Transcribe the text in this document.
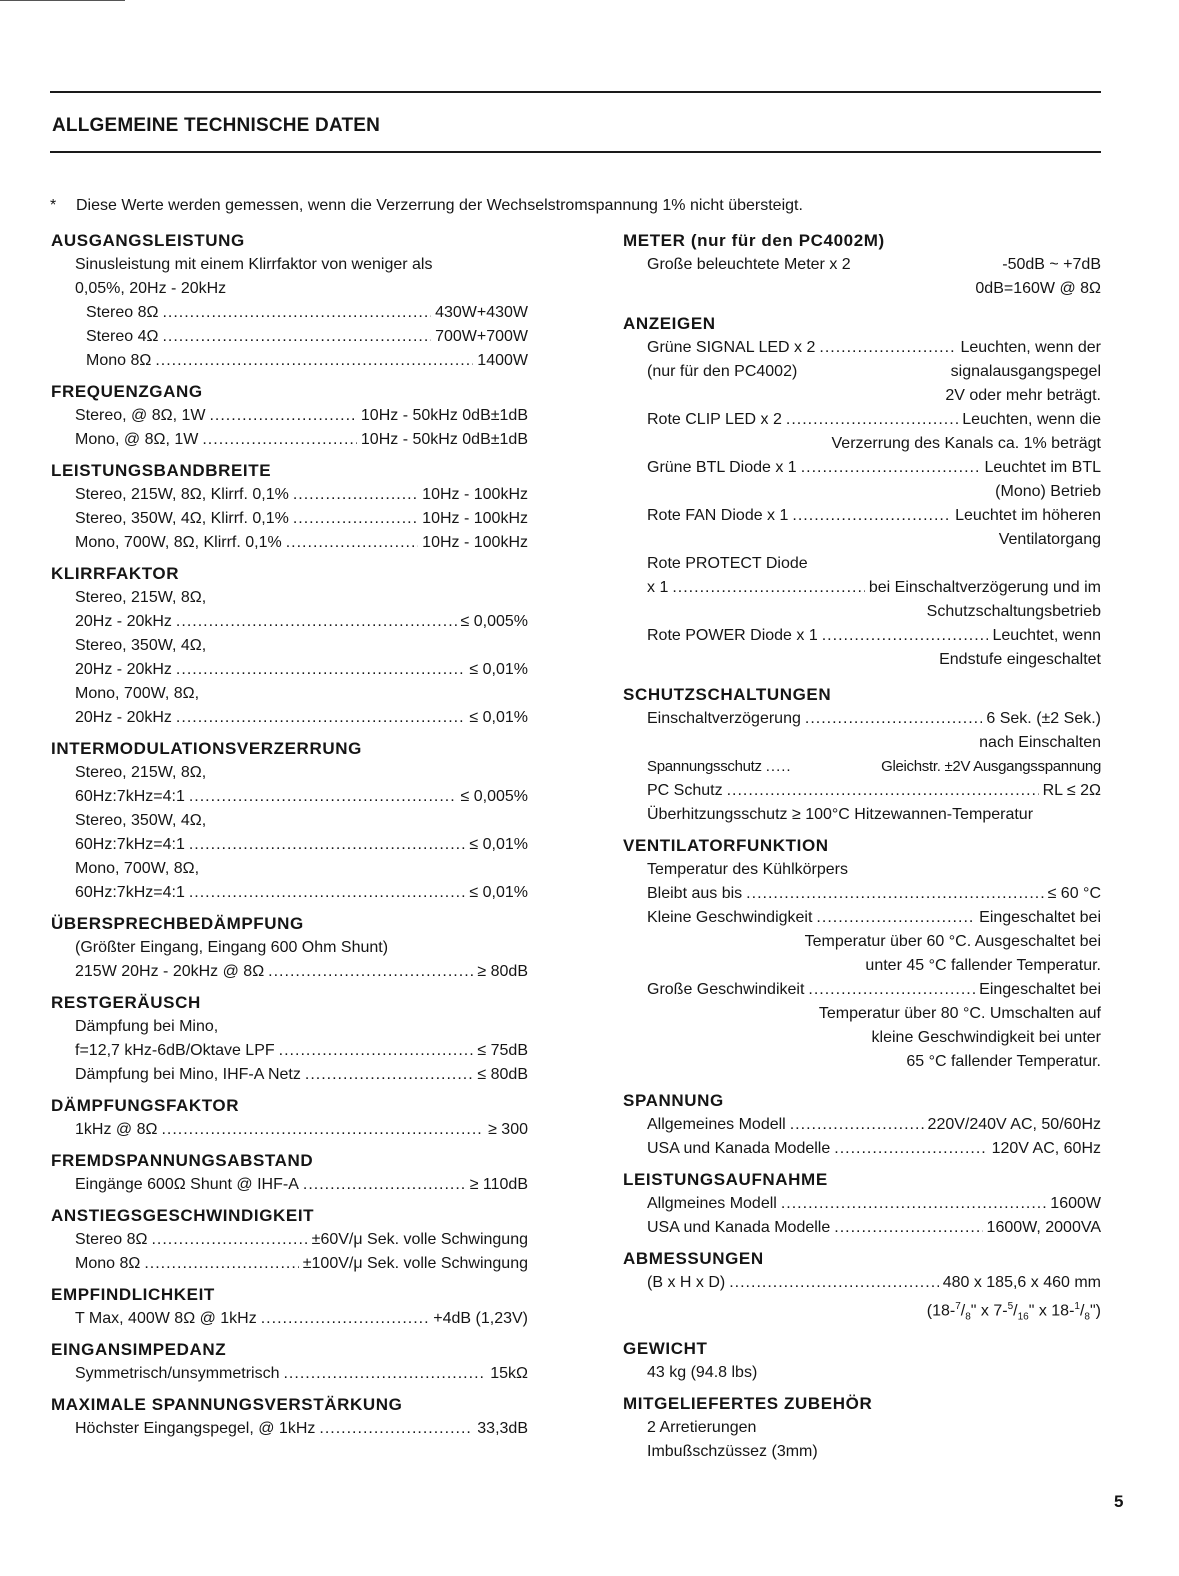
ALLGEMEINE TECHNISCHE DATEN
* Diese Werte werden gemessen, wenn die Verzerrung der Wechselstromspannung 1% nicht übersteigt.
AUSGANGSLEISTUNG
Sinusleistung mit einem Klirrfaktor von weniger als
0,05%, 20Hz - 20kHz
Stereo 8Ω .....	430W+430W
Stereo 4Ω .....	700W+700W
Mono 8Ω .....	1400W
FREQUENZGANG
Stereo, @ 8Ω, 1W .....	10Hz - 50kHz 0dB±1dB
Mono, @ 8Ω, 1W .....	10Hz - 50kHz 0dB±1dB
LEISTUNGSBANDBREITE
Stereo, 215W, 8Ω, Klirrf. 0,1% .....	10Hz - 100kHz
Stereo, 350W, 4Ω, Klirrf. 0,1% .....	10Hz - 100kHz
Mono, 700W, 8Ω, Klirrf. 0,1% .....	10Hz - 100kHz
KLIRRFAKTOR
Stereo, 215W, 8Ω,
20Hz - 20kHz .....	≤ 0,005%
Stereo, 350W, 4Ω,
20Hz - 20kHz .....	≤ 0,01%
Mono, 700W, 8Ω,
20Hz - 20kHz .....	≤ 0,01%
INTERMODULATIONSVERZERRUNG
Stereo, 215W, 8Ω,
60Hz:7kHz=4:1 .....	≤ 0,005%
Stereo, 350W, 4Ω,
60Hz:7kHz=4:1 .....	≤ 0,01%
Mono, 700W, 8Ω,
60Hz:7kHz=4:1 .....	≤ 0,01%
ÜBERSPRECHBEDÄMPFUNG
(Größter Eingang, Eingang 600 Ohm Shunt)
215W 20Hz - 20kHz @ 8Ω .....	≥ 80dB
RESTGERÄUSCH
Dämpfung bei Mino,
f=12,7 kHz-6dB/Oktave LPF .....	≤ 75dB
Dämpfung bei Mino, IHF-A Netz .....	≤ 80dB
DÄMPFUNGSFAKTOR
1kHz @ 8Ω .....	≥ 300
FREMDSPANNUNGSABSTAND
Eingänge 600Ω Shunt @ IHF-A .....	≥ 110dB
ANSTIEGSGESCHWINDIGKEIT
Stereo 8Ω .....	±60V/μ Sek. volle Schwingung
Mono 8Ω .....	±100V/μ Sek. volle Schwingung
EMPFINDLICHKEIT
T Max, 400W 8Ω @ 1kHz .....	+4dB (1,23V)
EINGANSIMPEDANZ
Symmetrisch/unsymmetrisch .....	15kΩ
MAXIMALE SPANNUNGSVERSTÄRKUNG
Höchster Eingangspegel, @ 1kHz .....	33,3dB
METER (nur für den PC4002M)
Große beleuchtete Meter x 2	-50dB ~ +7dB
0dB=160W @ 8Ω
ANZEIGEN
Grüne SIGNAL LED x 2 .....	Leuchten, wenn der
(nur für den PC4002)	signalausgangspegel
2V oder mehr beträgt.
Rote CLIP LED x 2 .....	Leuchten, wenn die
Verzerrung des Kanals ca. 1% beträgt
Grüne BTL Diode x 1 .....	Leuchtet im BTL
(Mono) Betrieb
Rote FAN Diode x 1 .....	Leuchtet im höheren
Ventilatorgang
Rote PROTECT Diode
x 1 .....	bei Einschaltverzögerung und im
Schutzschaltungsbetrieb
Rote POWER Diode x 1 .....	Leuchtet, wenn
Endstufe eingeschaltet
SCHUTZSCHALTUNGEN
Einschaltverzögerung .....	6 Sek. (±2 Sek.)
nach Einschalten
Spannungsschutz .....	Gleichstr. ±2V Ausgangsspannung
PC Schutz .....	RL ≤ 2Ω
Überhitzungsschutz ≥ 100°C Hitzewannen-Temperatur
VENTILATORFUNKTION
Temperatur des Kühlkörpers
Bleibt aus bis .....	≤ 60 °C
Kleine Geschwindigkeit .....	Eingeschaltet bei
Temperatur über 60 °C. Ausgeschaltet bei
unter 45 °C fallender Temperatur.
Große Geschwindikeit .....	Eingeschaltet bei
Temperatur über 80 °C. Umschalten auf
kleine Geschwindigkeit bei unter
65 °C fallender Temperatur.
SPANNUNG
Allgemeines Modell .....	220V/240V AC, 50/60Hz
USA und Kanada Modelle .....	120V AC, 60Hz
LEISTUNGSAUFNAHME
Allgmeines Modell .....	1600W
USA und Kanada Modelle .....	1600W, 2000VA
ABMESSUNGEN
(B x H x D) .....	480 x 185,6 x 460 mm
($18-^7/_8$" x $7-^5/_{16}$" x $18-^1/_8$")
GEWICHT
43 kg (94.8 lbs)
MITGELIEFERTES ZUBEHÖR
2 Arretierungen
Imbußschzüssez (3mm)
5
